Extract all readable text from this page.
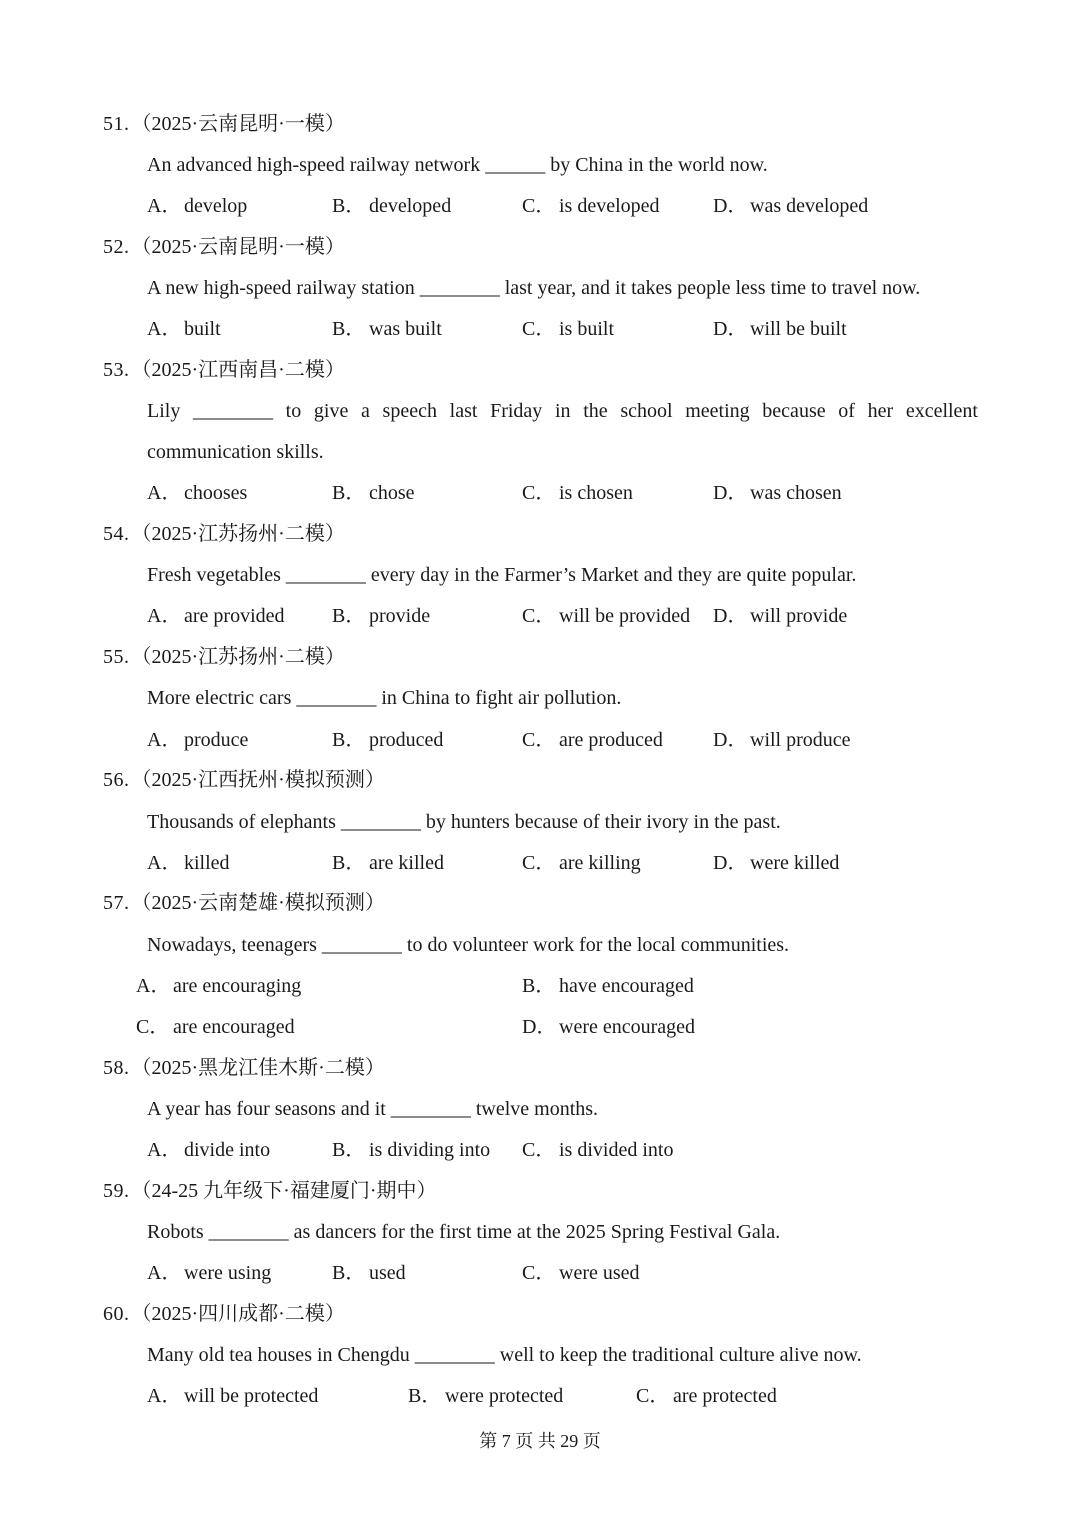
51. （2025·云南昆明·一模）
An advanced high-speed railway network ______ by China in the world now.
A． develop	B． developed	C． is developed	D． was developed
52. （2025·云南昆明·一模）
A new high-speed railway station ________ last year, and it takes people less time to travel now.
A． built	B． was built	C． is built	D． will be built
53. （2025·江西南昌·二模）
Lily ________ to give a speech last Friday in the school meeting because of her excellent
communication skills.
A． chooses	B． chose	C． is chosen	D． was chosen
54. （2025·江苏扬州·二模）
Fresh vegetables ________ every day in the Farmer’s Market and they are quite popular.
A． are provided B． provide	C． will be provided D． will provide
55. （2025·江苏扬州·二模）
More electric cars ________ in China to fight air pollution.
A． produce	B． produced	C． are produced	D． will produce
56. （2025·江西抚州·模拟预测）
Thousands of elephants ________ by hunters because of their ivory in the past.
A． killed	B． are killed	C． are killing	D． were killed
57. （2025·云南楚雄·模拟预测）
Nowadays, teenagers ________ to do volunteer work for the local communities.
A． are encouraging	B． have encouraged
C． are encouraged	D． were encouraged
58. （2025·黑龙江佳木斯·二模）
A year has four seasons and it ________ twelve months.
A． divide into	B． is dividing into C． is divided into
59. （24-25 九年级下·福建厦门·期中）
Robots ________ as dancers for the first time at the 2025 Spring Festival Gala.
A． were using	B． used	C． were used
60. （2025·四川成都·二模）
Many old tea houses in Chengdu ________ well to keep the traditional culture alive now.
A． will be protected	B． were protected	C． are protected
第 7 页 共 29 页
